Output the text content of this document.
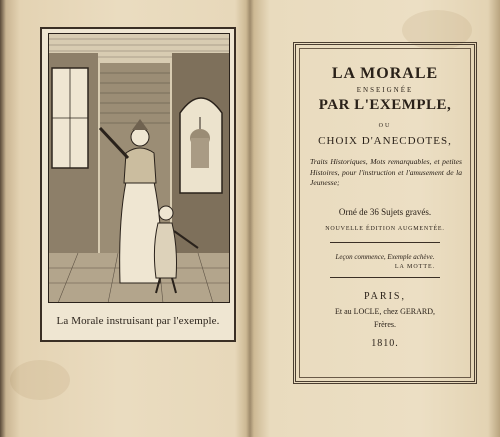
La Morale instruisant par l'exemple.
LA MORALE
ENSEIGNÉE
PAR L'EXEMPLE,
OU
CHOIX D'ANECDOTES,
Traits Historiques, Mots remarquables, et petites Histoires, pour l'instruction et l'amusement de la Jeunesse;
Orné de 36 Sujets gravés.
NOUVELLE ÉDITION AUGMENTÉE.
Leçon commence, Exemple achève.
LA MOTTE.
PARIS,
Et au LOCLE, chez GERARD,
Frères.
1810.
